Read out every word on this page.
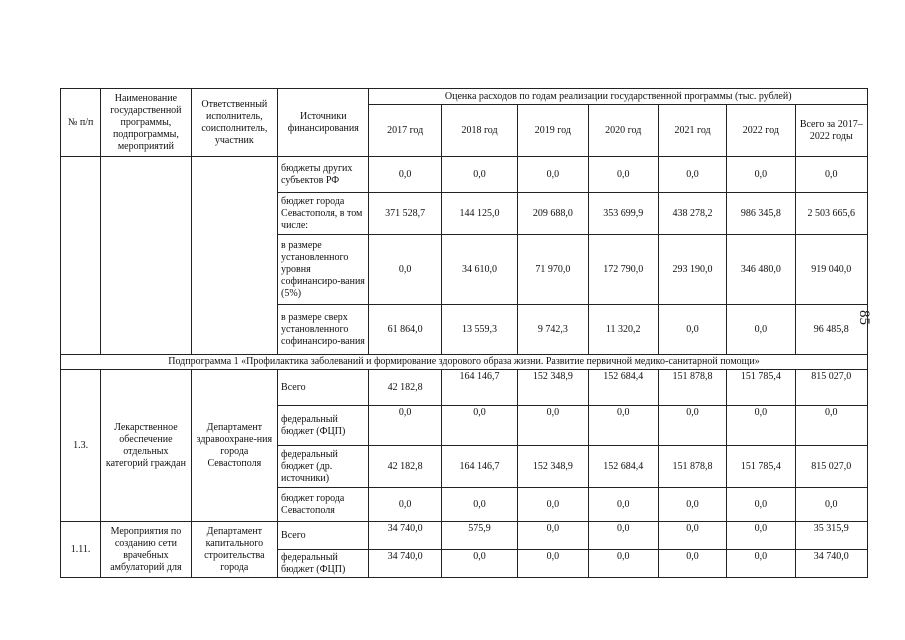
85
№ п/п	Наименование государственной программы, подпрограммы, мероприятий	Ответственный исполнитель, соисполнитель, участник	Источники финансирования	Оценка расходов по годам реализации государственной программы (тыс. рублей)						
				2017 год	2018 год	2019 год	2020 год	2021 год	2022 год	Всего за 2017–2022 годы
			бюджеты других субъектов РФ	0,0	0,0	0,0	0,0	0,0	0,0	0,0
			бюджет города Севастополя, в том числе:	371 528,7	144 125,0	209 688,0	353 699,9	438 278,2	986 345,8	2 503 665,6
			в размере установленного уровня софинансиро-вания (5%)	0,0	34 610,0	71 970,0	172 790,0	293 190,0	346 480,0	919 040,0
			в размере сверх установленного софинансиро-вания	61 864,0	13 559,3	9 742,3	11 320,2	0,0	0,0	96 485,8
Подпрограмма 1 «Профилактика заболеваний и формирование здорового образа жизни. Развитие первичной медико-санитарной помощи»										
1.3.	Лекарственное обеспечение отдельных категорий граждан	Департамент здравоохране-ния города Севастополя	Всего	42 182,8	164 146,7	152 348,9	152 684,4	151 878,8	151 785,4	815 027,0
			федеральный бюджет (ФЦП)	0,0	0,0	0,0	0,0	0,0	0,0	0,0
			федеральный бюджет (др. источники)	42 182,8	164 146,7	152 348,9	152 684,4	151 878,8	151 785,4	815 027,0
			бюджет города Севастополя	0,0	0,0	0,0	0,0	0,0	0,0	0,0
1.11.	Мероприятия по созданию сети врачебных амбулаторий для	Департамент капитального строительства города	Всего	34 740,0	575,9	0,0	0,0	0,0	0,0	35 315,9
			федеральный бюджет (ФЦП)	34 740,0	0,0	0,0	0,0	0,0	0,0	34 740,0
